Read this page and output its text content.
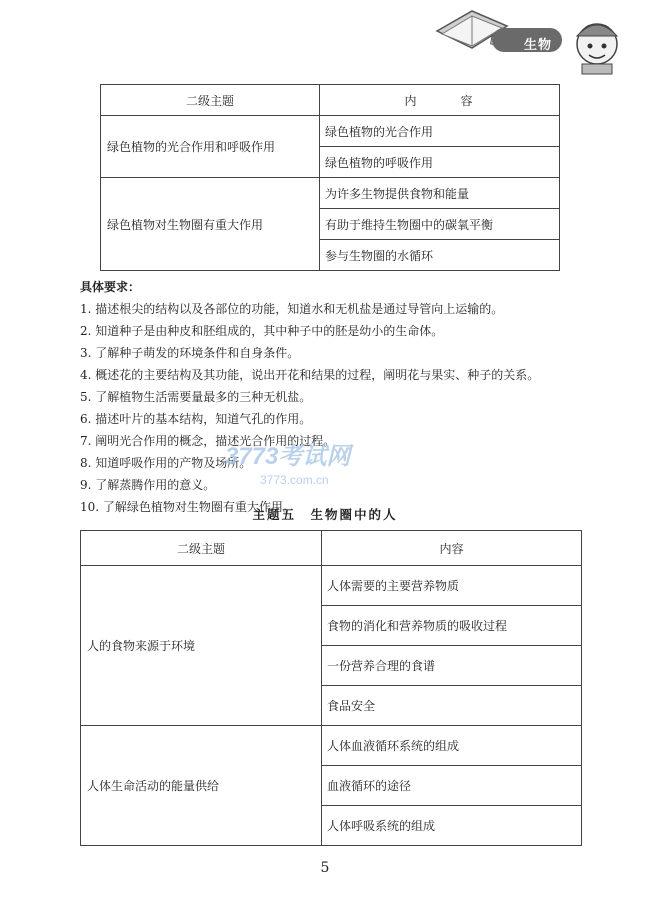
生物
二级主题	内　　　容
绿色植物的光合作用和呼吸作用	绿色植物的光合作用
	绿色植物的呼吸作用
绿色植物对生物圈有重大作用	为许多生物提供食物和能量
	有助于维持生物圈中的碳氧平衡
	参与生物圈的水循环

具体要求：

1. 描述根尖的结构以及各部位的功能，知道水和无机盐是通过导管向上运输的。

2. 知道种子是由种皮和胚组成的，其中种子中的胚是幼小的生命体。

3. 了解种子萌发的环境条件和自身条件。

4. 概述花的主要结构及其功能，说出开花和结果的过程，阐明花与果实、种子的关系。

5. 了解植物生活需要量最多的三种无机盐。

6. 描述叶片的基本结构，知道气孔的作用。

7. 阐明光合作用的概念，描述光合作用的过程。

8. 知道呼吸作用的产物及场所。

9. 了解蒸腾作用的意义。

10. 了解绿色植物对生物圈有重大作用。

3773考试网
3773.com.cn
主题五　生物圈中的人
二级主题	内容
人的食物来源于环境	人体需要的主要营养物质
	食物的消化和营养物质的吸收过程
	一份营养合理的食谱
	食品安全
人体生命活动的能量供给	人体血液循环系统的组成
	血液循环的途径
	人体呼吸系统的组成
5
